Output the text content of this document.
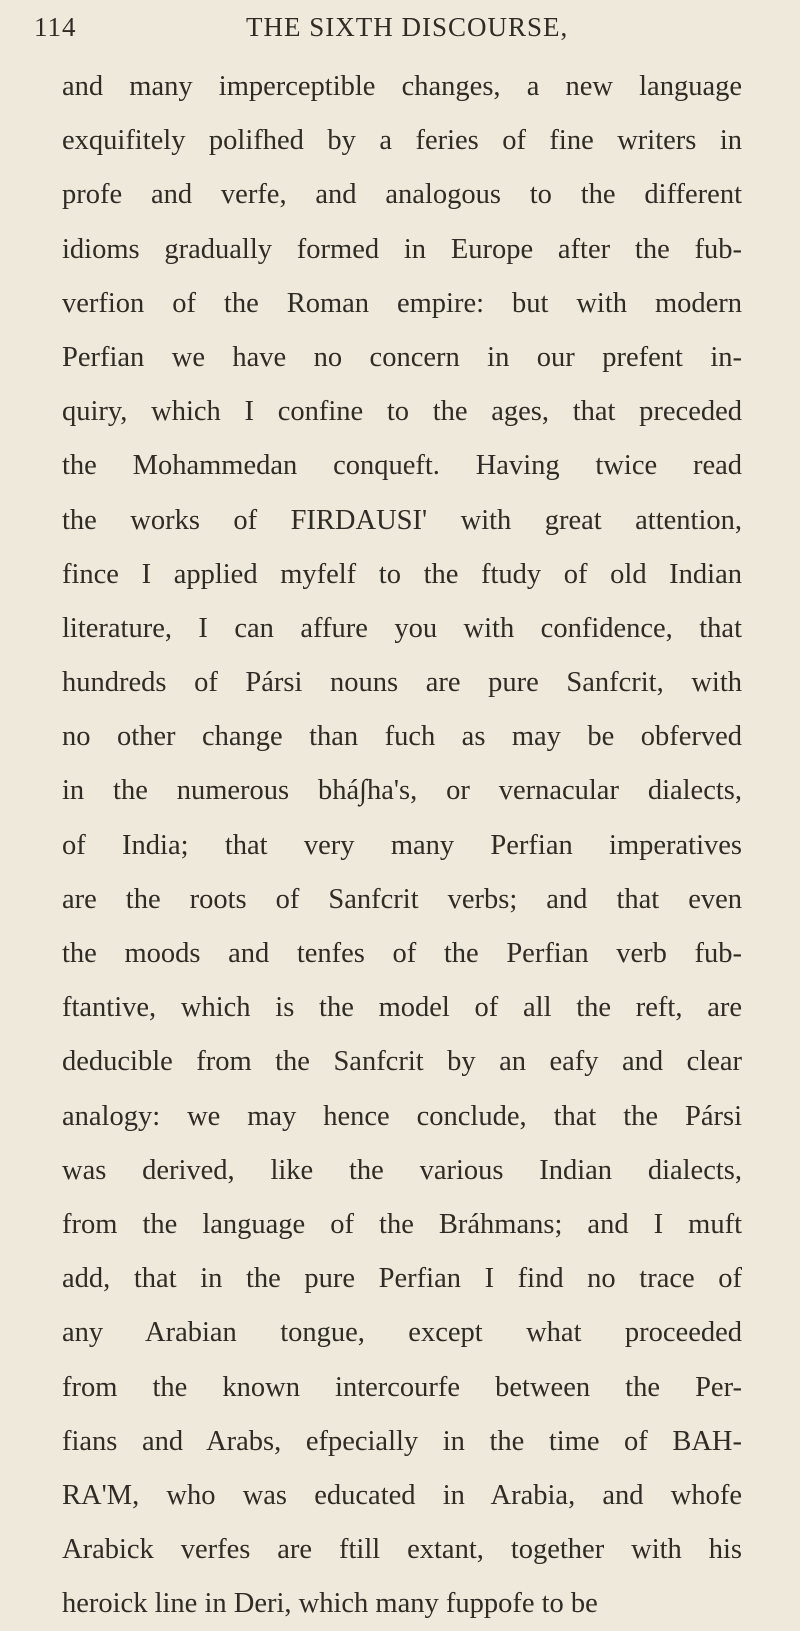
114	THE SIXTH DISCOURSE,
and many imperceptible changes, a new language
exquifitely polifhed by a feries of fine writers in
profe and verfe, and analogous to the different
idioms gradually formed in Europe after the fub-
verfion of the Roman empire: but with modern
Perfian we have no concern in our prefent in-
quiry, which I confine to the ages, that preceded
the Mohammedan conqueft. Having twice read
the works of FIRDAUSI' with great attention,
fince I applied myfelf to the ftudy of old Indian
literature, I can affure you with confidence, that
hundreds of Pársi nouns are pure Sanfcrit, with
no other change than fuch as may be obferved
in the numerous bhá∫ha's, or vernacular dialects,
of India; that very many Perfian imperatives
are the roots of Sanfcrit verbs; and that even
the moods and tenfes of the Perfian verb fub-
ftantive, which is the model of all the reft, are
deducible from the Sanfcrit by an eafy and clear
analogy: we may hence conclude, that the Pársi
was derived, like the various Indian dialects,
from the language of the Bráhmans; and I muft
add, that in the pure Perfian I find no trace of
any Arabian tongue, except what proceeded
from the known intercourfe between the Per-
fians and Arabs, efpecially in the time of BAH-
RA'M, who was educated in Arabia, and whofe
Arabick verfes are ftill extant, together with his
heroick line in Deri, which many fuppofe to be
